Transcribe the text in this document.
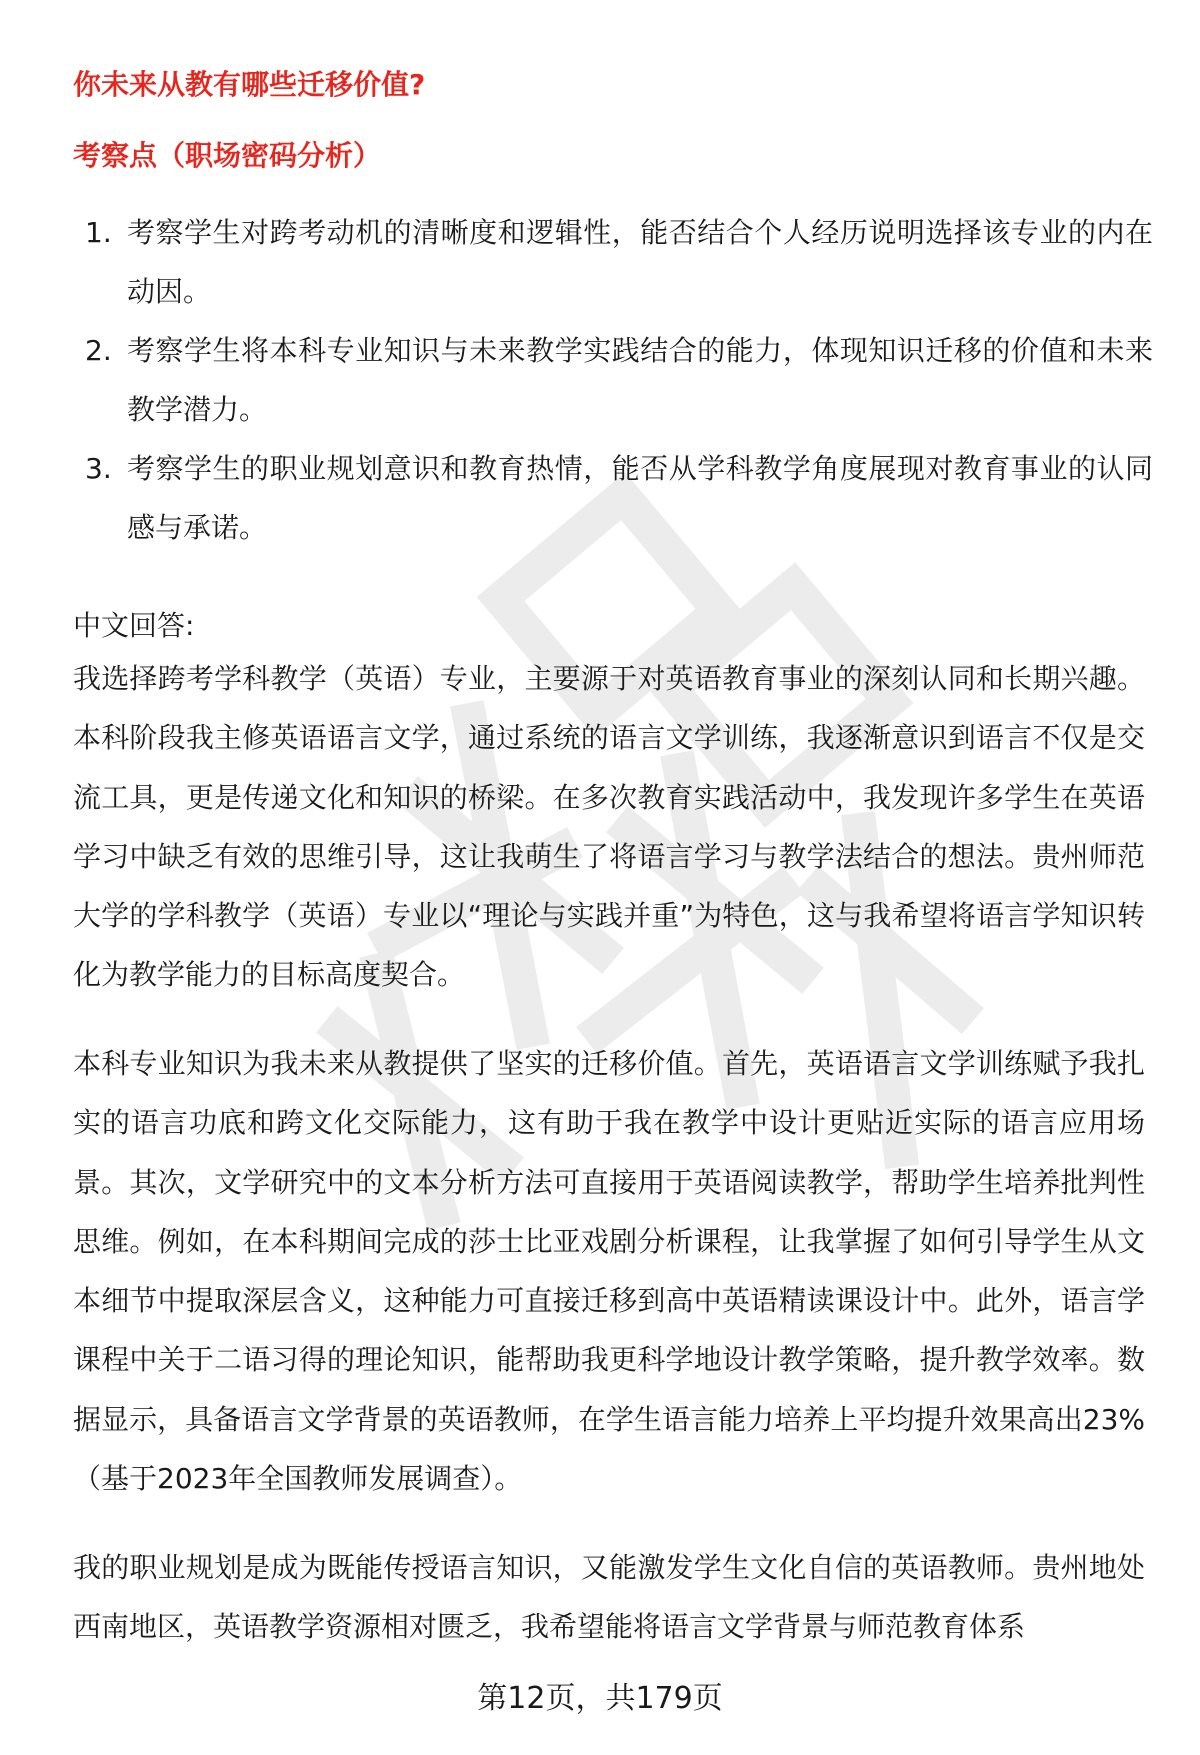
你未来从教有哪些迁移价值?
考察点（职场密码分析）
1. 考察学生对跨考动机的清晰度和逻辑性，能否结合个人经历说明选择该专业的内在动因。
2. 考察学生将本科专业知识与未来教学实践结合的能力，体现知识迁移的价值和未来教学潜力。
3. 考察学生的职业规划意识和教育热情，能否从学科教学角度展现对教育事业的认同感与承诺。
中文回答:

我选择跨考学科教学（英语）专业，主要源于对英语教育事业的深刻认同和长期兴趣。本科阶段我主修英语语言文学，通过系统的语言文学训练，我逐渐意识到语言不仅是交流工具，更是传递文化和知识的桥梁。在多次教育实践活动中，我发现许多学生在英语学习中缺乏有效的思维引导，这让我萌生了将语言学习与教学法结合的想法。贵州师范大学的学科教学（英语）专业以“理论与实践并重”为特色，这与我希望将语言学知识转化为教学能力的目标高度契合。

本科专业知识为我未来从教提供了坚实的迁移价值。首先，英语语言文学训练赋予我扎实的语言功底和跨文化交际能力，这有助于我在教学中设计更贴近实际的语言应用场景。其次，文学研究中的文本分析方法可直接用于英语阅读教学，帮助学生培养批判性思维。例如，在本科期间完成的莎士比亚戏剧分析课程，让我掌握了如何引导学生从文本细节中提取深层含义，这种能力可直接迁移到高中英语精读课设计中。此外，语言学课程中关于二语习得的理论知识，能帮助我更科学地设计教学策略，提升教学效率。数据显示，具备语言文学背景的英语教师，在学生语言能力培养上平均提升效果高出23%（基于2023年全国教师发展调查）。

我的职业规划是成为既能传授语言知识，又能激发学生文化自信的英语教师。贵州地处西南地区，英语教学资源相对匮乏，我希望能将语言文学背景与师范教育体系

第12页，共179页
